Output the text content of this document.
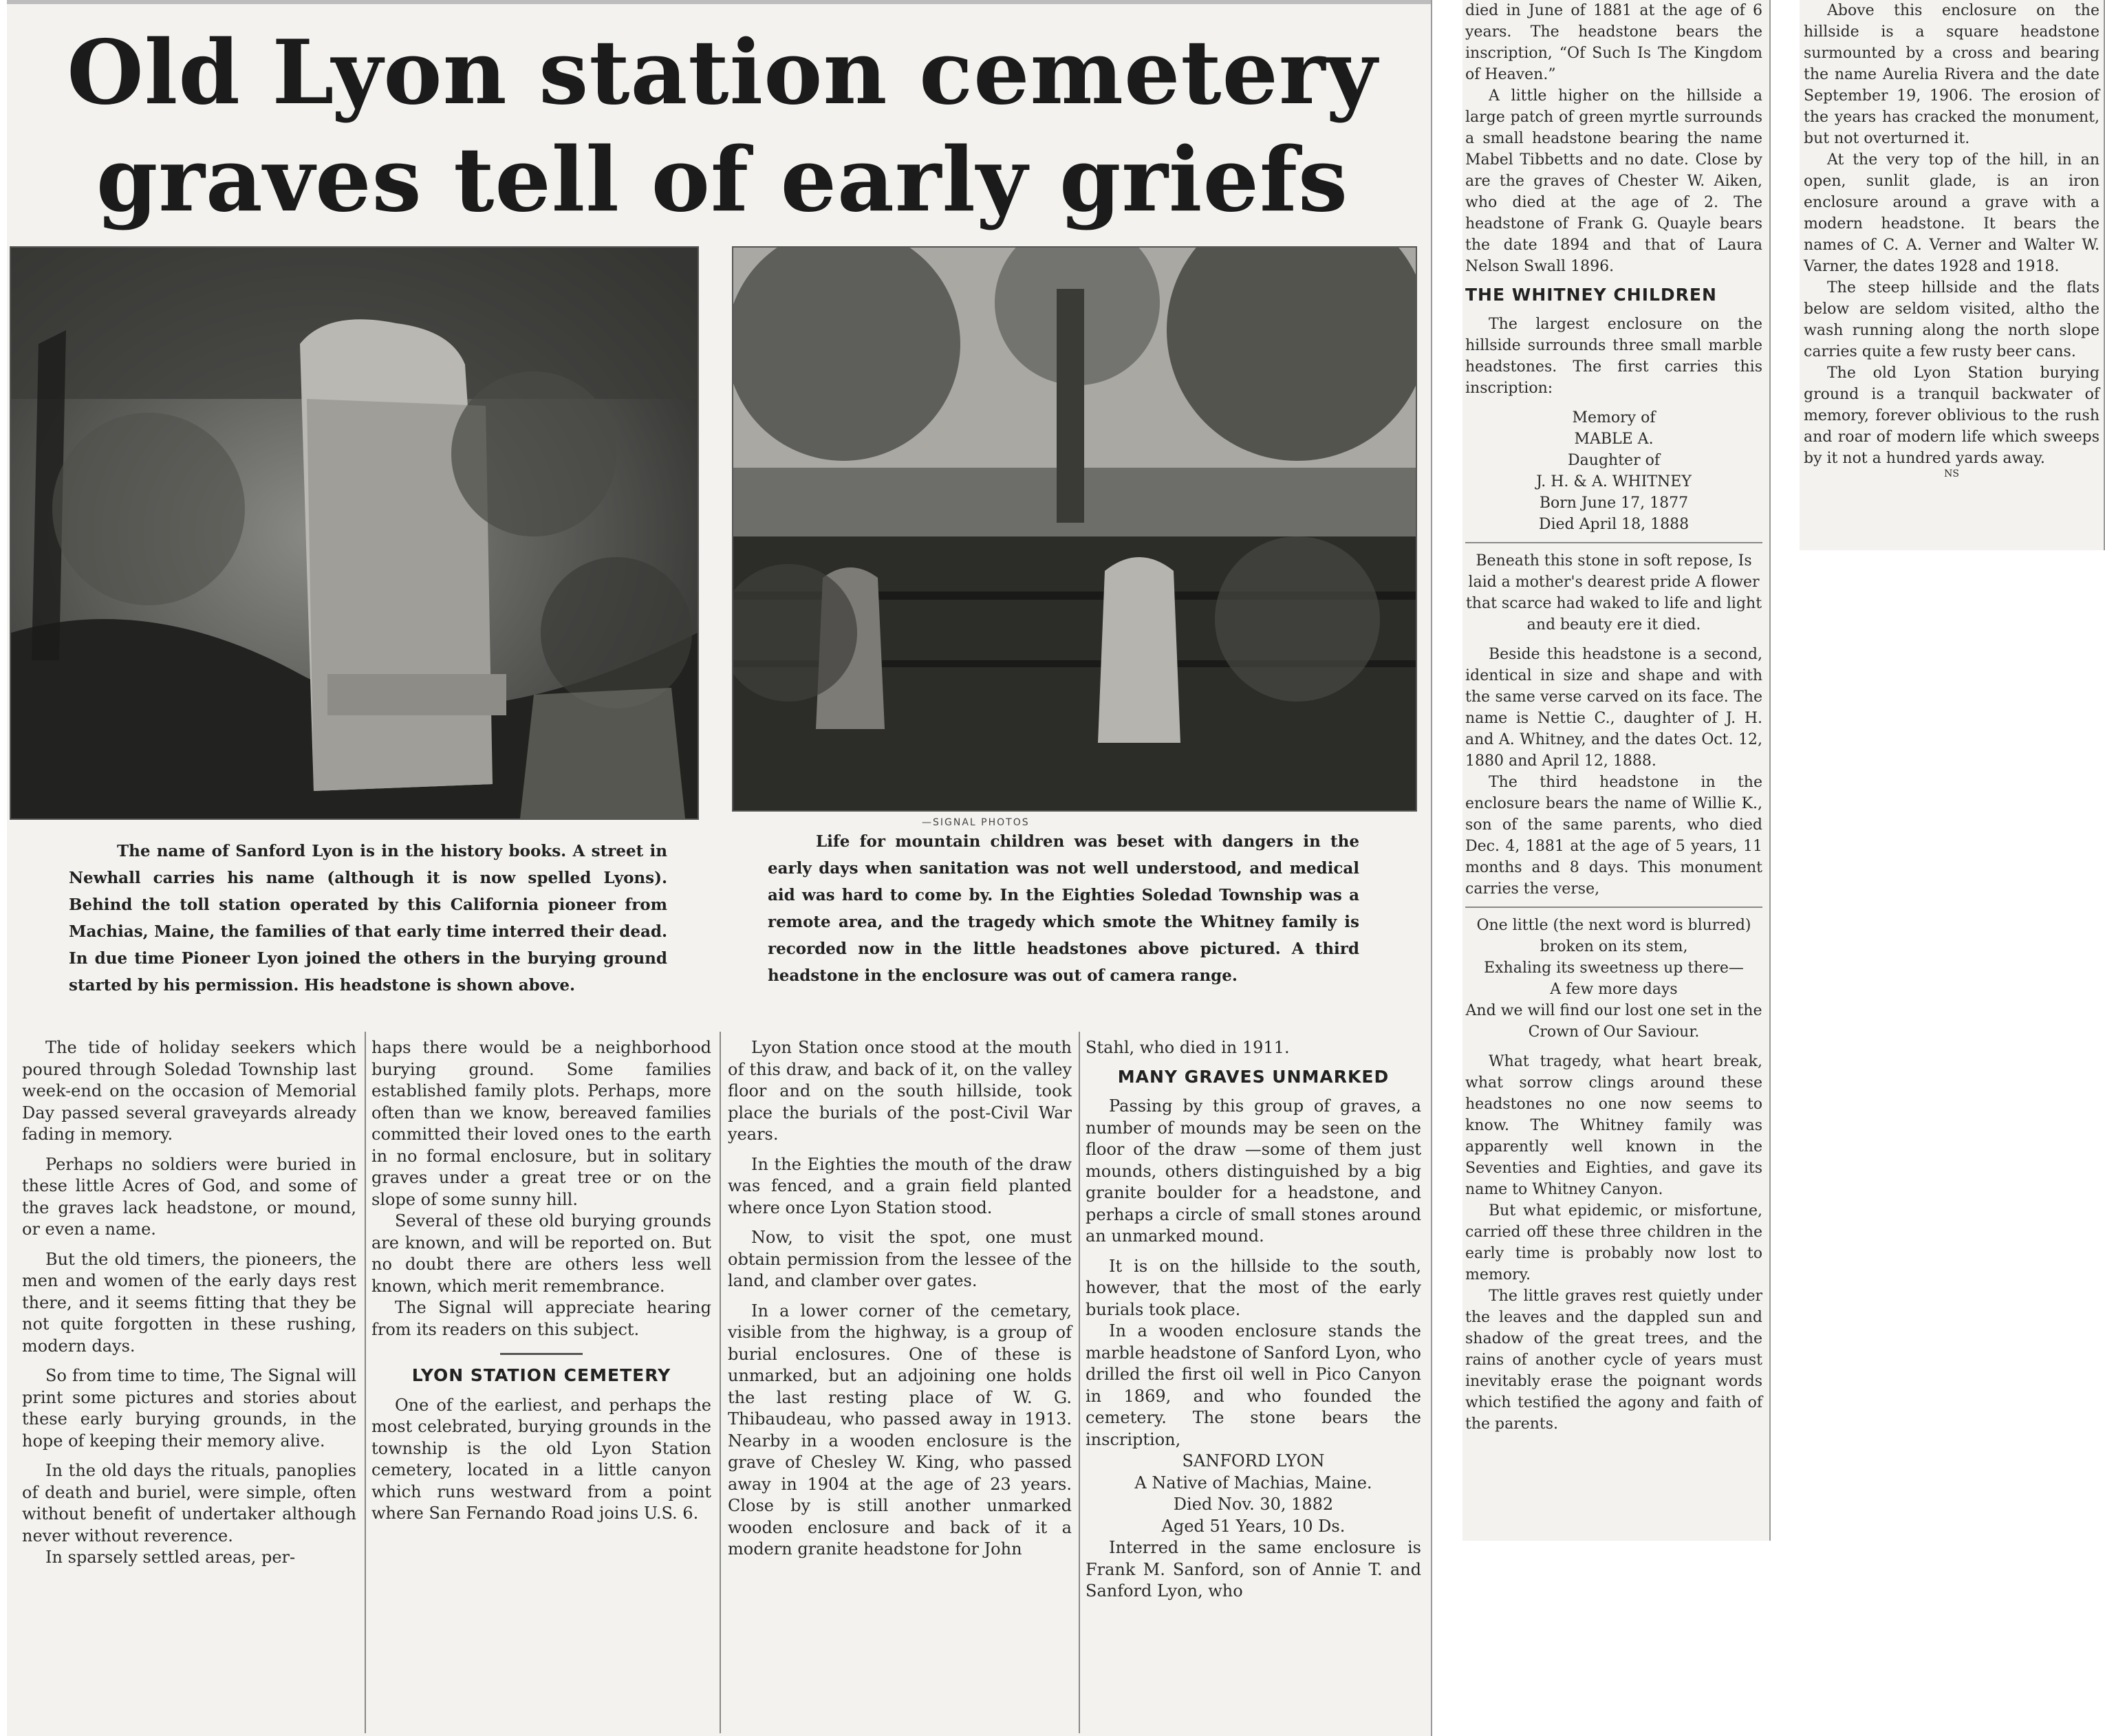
Old Lyon station cemetery
graves tell of early griefs
—SIGNAL PHOTOS

The name of Sanford Lyon is in the history books. A street in Newhall carries his name (although it is now spelled Lyons). Behind the toll station operated by this California pioneer from Machias, Maine, the families of that early time interred their dead. In due time Pioneer Lyon joined the others in the burying ground started by his permission. His headstone is shown above.

Life for mountain children was beset with dangers in the early days when sanitation was not well understood, and medical aid was hard to come by. In the Eighties Soledad Township was a remote area, and the tragedy which smote the Whitney family is recorded now in the little headstones above pictured. A third headstone in the enclosure was out of camera range.

The tide of holiday seekers which poured through Soledad Township last week-end on the occasion of Memorial Day passed several graveyards already fading in memory.

Perhaps no soldiers were buried in these little Acres of God, and some of the graves lack headstone, or mound, or even a name.

But the old timers, the pioneers, the men and women of the early days rest there, and it seems fitting that they be not quite forgotten in these rushing, modern days.

So from time to time, The Signal will print some pictures and stories about these early burying grounds, in the hope of keeping their memory alive.

In the old days the rituals, panoplies of death and buriel, were simple, often without benefit of undertaker although never without reverence.

In sparsely settled areas, per-

haps there would be a neighborhood burying ground. Some families established family plots. Perhaps, more often than we know, bereaved families committed their loved ones to the earth in no formal enclosure, but in solitary graves under a great tree or on the slope of some sunny hill.

Several of these old burying grounds are known, and will be reported on. But no doubt there are others less well known, which merit remembrance.

The Signal will appreciate hearing from its readers on this subject.

LYON STATION CEMETERY

One of the earliest, and perhaps the most celebrated, burying grounds in the township is the old Lyon Station cemetery, located in a little canyon which runs westward from a point where San Fernando Road joins U.S. 6.

Lyon Station once stood at the mouth of this draw, and back of it, on the valley floor and on the south hillside, took place the burials of the post-Civil War years.

In the Eighties the mouth of the draw was fenced, and a grain field planted where once Lyon Station stood.

Now, to visit the spot, one must obtain permission from the lessee of the land, and clamber over gates.

In a lower corner of the cemetary, visible from the highway, is a group of burial enclosures. One of these is unmarked, but an adjoining one holds the last resting place of W. G. Thibaudeau, who passed away in 1913. Nearby in a wooden enclosure is the grave of Chesley W. King, who passed away in 1904 at the age of 23 years. Close by is still another unmarked wooden enclosure and back of it a modern granite headstone for John

Stahl, who died in 1911.

MANY GRAVES UNMARKED

Passing by this group of graves, a number of mounds may be seen on the floor of the draw —some of them just mounds, others distinguished by a big granite boulder for a headstone, and perhaps a circle of small stones around an unmarked mound.

It is on the hillside to the south, however, that the most of the early burials took place.

In a wooden enclosure stands the marble headstone of Sanford Lyon, who drilled the first oil well in Pico Canyon in 1869, and who founded the cemetery. The stone bears the inscription,

SANFORD LYON

A Native of Machias, Maine.

Died Nov. 30, 1882

Aged 51 Years, 10 Ds.

Interred in the same enclosure is Frank M. Sanford, son of Annie T. and Sanford Lyon, who

died in June of 1881 at the age of 6 years. The headstone bears the inscription, “Of Such Is The Kingdom of Heaven.”

A little higher on the hillside a large patch of green myrtle surrounds a small headstone bearing the name Mabel Tibbetts and no date. Close by are the graves of Chester W. Aiken, who died at the age of 2. The headstone of Frank G. Quayle bears the date 1894 and that of Laura Nelson Swall 1896.

THE WHITNEY CHILDREN

The largest enclosure on the hillside surrounds three small marble headstones. The first carries this inscription:

Memory of

MABLE A.

Daughter of

J. H. & A. WHITNEY

Born June 17, 1877

Died April 18, 1888

Beneath this stone in soft repose, Is laid a mother's dearest pride A flower that scarce had waked to life and light and beauty ere it died.

Beside this headstone is a second, identical in size and shape and with the same verse carved on its face. The name is Nettie C., daughter of J. H. and A. Whitney, and the dates Oct. 12, 1880 and April 12, 1888.

The third headstone in the enclosure bears the name of Willie K., son of the same parents, who died Dec. 4, 1881 at the age of 5 years, 11 months and 8 days. This monument carries the verse,

One little (the next word is blurred) broken on its stem,

Exhaling its sweetness up there—

A few more days

And we will find our lost one set in the Crown of Our Saviour.

What tragedy, what heart break, what sorrow clings around these headstones no one now seems to know. The Whitney family was apparently well known in the Seventies and Eighties, and gave its name to Whitney Canyon.

But what epidemic, or misfortune, carried off these three children in the early time is probably now lost to memory.

The little graves rest quietly under the leaves and the dappled sun and shadow of the great trees, and the rains of another cycle of years must inevitably erase the poignant words which testified the agony and faith of the parents.

Above this enclosure on the hillside is a square headstone surmounted by a cross and bearing the name Aurelia Rivera and the date September 19, 1906. The erosion of the years has cracked the monument, but not overturned it.

At the very top of the hill, in an open, sunlit glade, is an iron enclosure around a grave with a modern headstone. It bears the names of C. A. Verner and Walter W. Varner, the dates 1928 and 1918.

The steep hillside and the flats below are seldom visited, altho the wash running along the north slope carries quite a few rusty beer cans.

The old Lyon Station burying ground is a tranquil backwater of memory, forever oblivious to the rush and roar of modern life which sweeps by it not a hundred yards away.

NS
